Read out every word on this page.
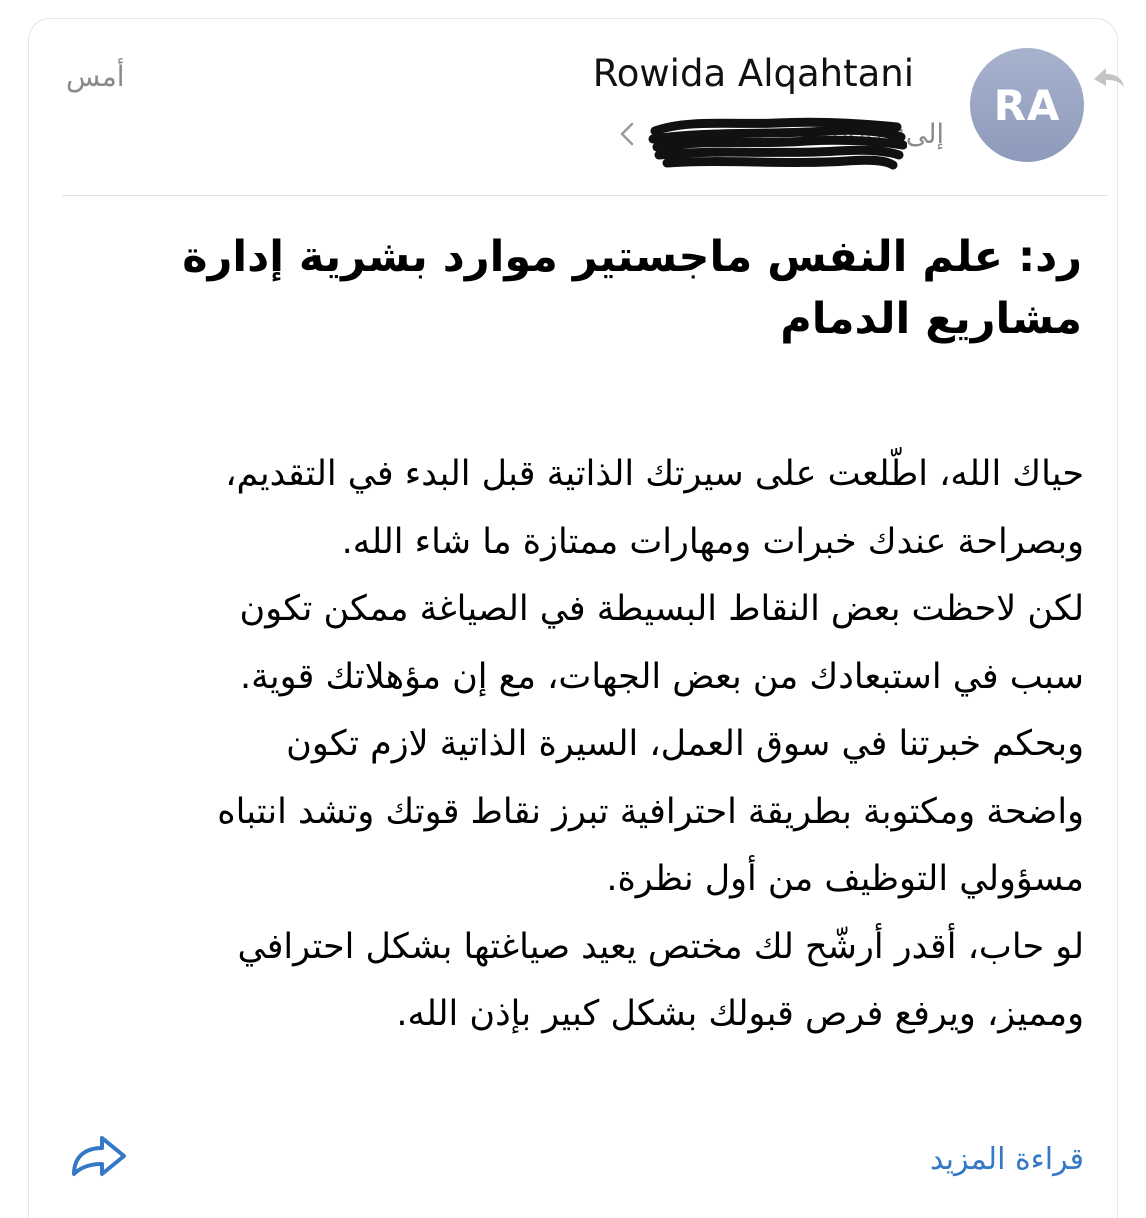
RA
Rowida Alqahtani
إلى:
shoth
أمس
رد: علم النفس ماجستير موارد بشرية إدارة
مشاريع الدمام
حياك الله، اطّلعت على سيرتك الذاتية قبل البدء في التقديم،
وبصراحة عندك خبرات ومهارات ممتازة ما شاء الله.
لكن لاحظت بعض النقاط البسيطة في الصياغة ممكن تكون
سبب في استبعادك من بعض الجهات، مع إن مؤهلاتك قوية.
وبحكم خبرتنا في سوق العمل، السيرة الذاتية لازم تكون
واضحة ومكتوبة بطريقة احترافية تبرز نقاط قوتك وتشد انتباه
مسؤولي التوظيف من أول نظرة.
لو حاب، أقدر أرشّح لك مختص يعيد صياغتها بشكل احترافي
ومميز، ويرفع فرص قبولك بشكل كبير بإذن الله.
قراءة المزيد
